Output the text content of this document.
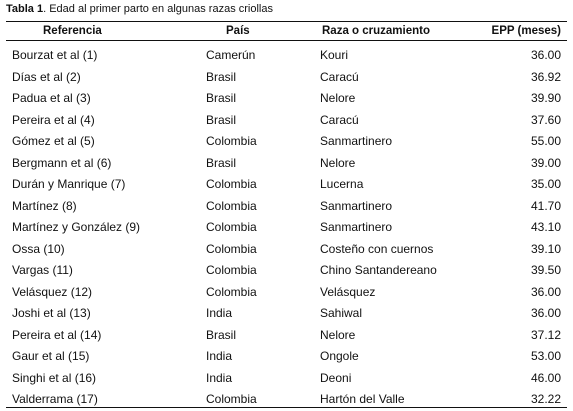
Tabla 1. Edad al primer parto en algunas razas criollas
Referencia	País	Raza o cruzamiento	EPP (meses)
Bourzat et al (1)	Camerún	Kouri	36.00
Días et al (2)	Brasil	Caracú	36.92
Padua et al (3)	Brasil	Nelore	39.90
Pereira et al (4)	Brasil	Caracú	37.60
Gómez et al (5)	Colombia	Sanmartinero	55.00
Bergmann et al (6)	Brasil	Nelore	39.00
Durán y Manrique (7)	Colombia	Lucerna	35.00
Martínez (8)	Colombia	Sanmartinero	41.70
Martínez y González (9)	Colombia	Sanmartinero	43.10
Ossa (10)	Colombia	Costeño con cuernos	39.10
Vargas (11)	Colombia	Chino Santandereano	39.50
Velásquez (12)	Colombia	Velásquez	36.00
Joshi et al (13)	India	Sahiwal	36.00
Pereira et al (14)	Brasil	Nelore	37.12
Gaur et al (15)	India	Ongole	53.00
Singhi et al (16)	India	Deoni	46.00
Valderrama (17)	Colombia	Hartón del Valle	32.22
